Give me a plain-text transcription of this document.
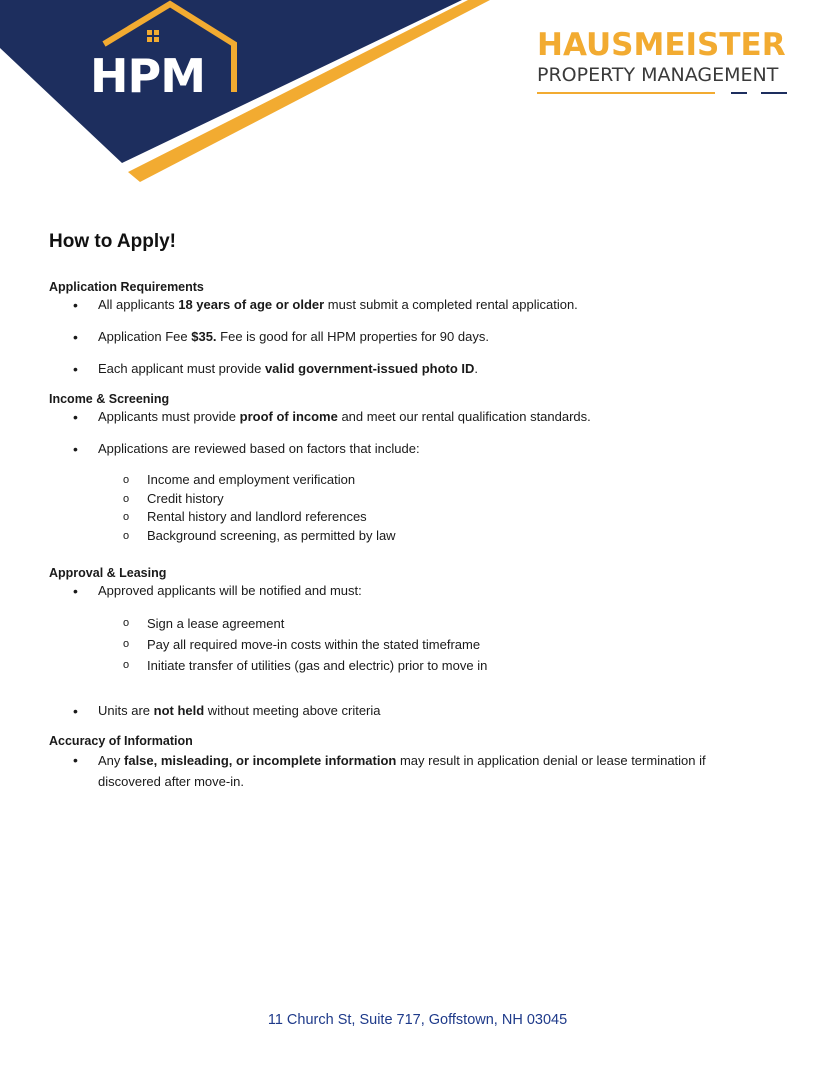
HPM
HAUSMEISTER
PROPERTY MANAGEMENT
How to Apply!

Application Requirements

• All applicants 18 years of age or older must submit a completed rental application.
• Application Fee $35. Fee is good for all HPM properties for 90 days.
• Each applicant must provide valid government-issued photo ID.

Income & Screening

• Applicants must provide proof of income and meet our rental qualification standards.
• Applications are reviewed based on factors that include:
o Income and employment verification
o Credit history
o Rental history and landlord references
o Background screening, as permitted by law

Approval & Leasing

• Approved applicants will be notified and must:
o Sign a lease agreement
o Pay all required move-in costs within the stated timeframe
o Initiate transfer of utilities (gas and electric) prior to move in
• Units are not held without meeting above criteria

Accuracy of Information

• Any false, misleading, or incomplete information may result in application denial or lease termination if discovered after move-in.
11 Church St, Suite 717, Goffstown, NH 03045
